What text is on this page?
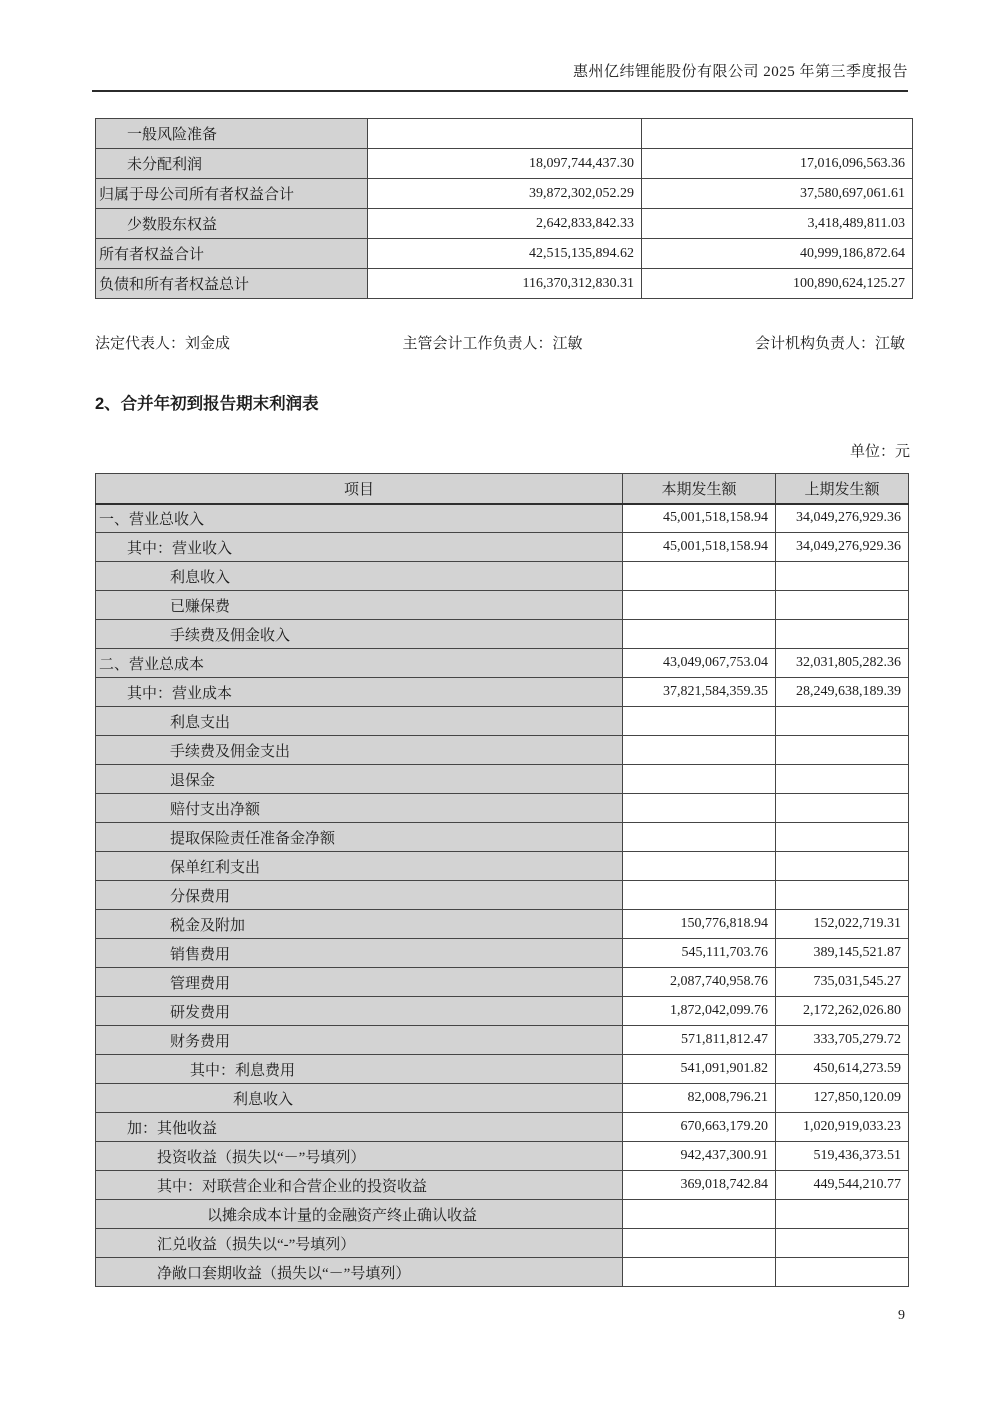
惠州亿纬锂能股份有限公司 2025 年第三季度报告
一般风险准备		
未分配利润	18,097,744,437.30	17,016,096,563.36
归属于母公司所有者权益合计	39,872,302,052.29	37,580,697,061.61
少数股东权益	2,642,833,842.33	3,418,489,811.03
所有者权益合计	42,515,135,894.62	40,999,186,872.64
负债和所有者权益总计	116,370,312,830.31	100,890,624,125.27
法定代表人：刘金成	主管会计工作负责人：江敏	会计机构负责人：江敏
2、合并年初到报告期末利润表
单位：元
项目	本期发生额	上期发生额
一、营业总收入	45,001,518,158.94	34,049,276,929.36
其中：营业收入	45,001,518,158.94	34,049,276,929.36
利息收入		
已赚保费		
手续费及佣金收入		
二、营业总成本	43,049,067,753.04	32,031,805,282.36
其中：营业成本	37,821,584,359.35	28,249,638,189.39
利息支出		
手续费及佣金支出		
退保金		
赔付支出净额		
提取保险责任准备金净额		
保单红利支出		
分保费用		
税金及附加	150,776,818.94	152,022,719.31
销售费用	545,111,703.76	389,145,521.87
管理费用	2,087,740,958.76	735,031,545.27
研发费用	1,872,042,099.76	2,172,262,026.80
财务费用	571,811,812.47	333,705,279.72
其中：利息费用	541,091,901.82	450,614,273.59
利息收入	82,008,796.21	127,850,120.09
加：其他收益	670,663,179.20	1,020,919,033.23
投资收益（损失以“－”号填列）	942,437,300.91	519,436,373.51
其中：对联营企业和合营企业的投资收益	369,018,742.84	449,544,210.77
以摊余成本计量的金融资产终止确认收益		
汇兑收益（损失以“-”号填列）		
净敞口套期收益（损失以“－”号填列）		
9
